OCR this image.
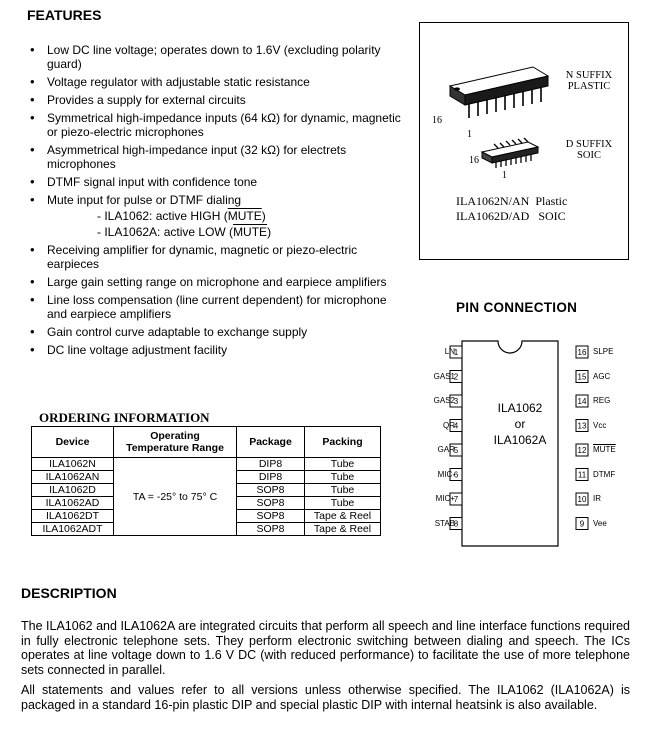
FEATURES
• Low DC line voltage; operates down to 1.6V (excluding polarity guard)
• Voltage regulator with adjustable static resistance
• Provides a supply for external circuits
• Symmetrical high-impedance inputs (64 kΩ) for dynamic, magnetic or piezo-electric microphones
• Asymmetrical high-impedance input (32 kΩ) for electrets microphones
• DTMF signal input with confidence tone
• Mute input for pulse or DTMF dialing
- ILA1062: active HIGH (MUTE)
- ILA1062A: active LOW (MUTE)
• Receiving amplifier for dynamic, magnetic or piezo-electric earpieces
• Large gain setting range on microphone and earpiece amplifiers
• Line loss compensation (line current dependent) for microphone and earpiece amplifiers
• Gain control curve adaptable to exchange supply
• DC line voltage adjustment facility
16
1
N SUFFIX
PLASTIC
16
1
D SUFFIX
SOIC
ILA1062N/AN Plastic
ILA1062D/AD SOIC
PIN CONNECTION
1
2
3
4
5
6
7
8
16
15
14
13
12
11
10
9
ILA1062
or
ILA1062A
LN
GAS1
GAS2
QR
GAR
MIC-
MIC+
STAB
SLPE
AGC
REG
Vcc
MUTE
DTMF
IR
Vee
ORDERING INFORMATION
Device	Operating
Temperature Range	Package	Packing
ILA1062N	TA = -25° to 75° C	DIP8	Tube
ILA1062AN		DIP8	Tube
ILA1062D		SOP8	Tube
ILA1062AD		SOP8	Tube
ILA1062DT		SOP8	Tape & Reel
ILA1062ADT		SOP8	Tape & Reel
DESCRIPTION

The ILA1062 and ILA1062A are integrated circuits that perform all speech and line interface functions required in fully electronic telephone sets. They perform electronic switching between dialing and speech. The ICs operates at line voltage down to 1.6 V DC (with reduced performance) to facilitate the use of more telephone sets connected in parallel.

All statements and values refer to all versions unless otherwise specified. The ILA1062 (ILA1062A) is packaged in a standard 16-pin plastic DIP and special plastic DIP with internal heatsink is also available.
